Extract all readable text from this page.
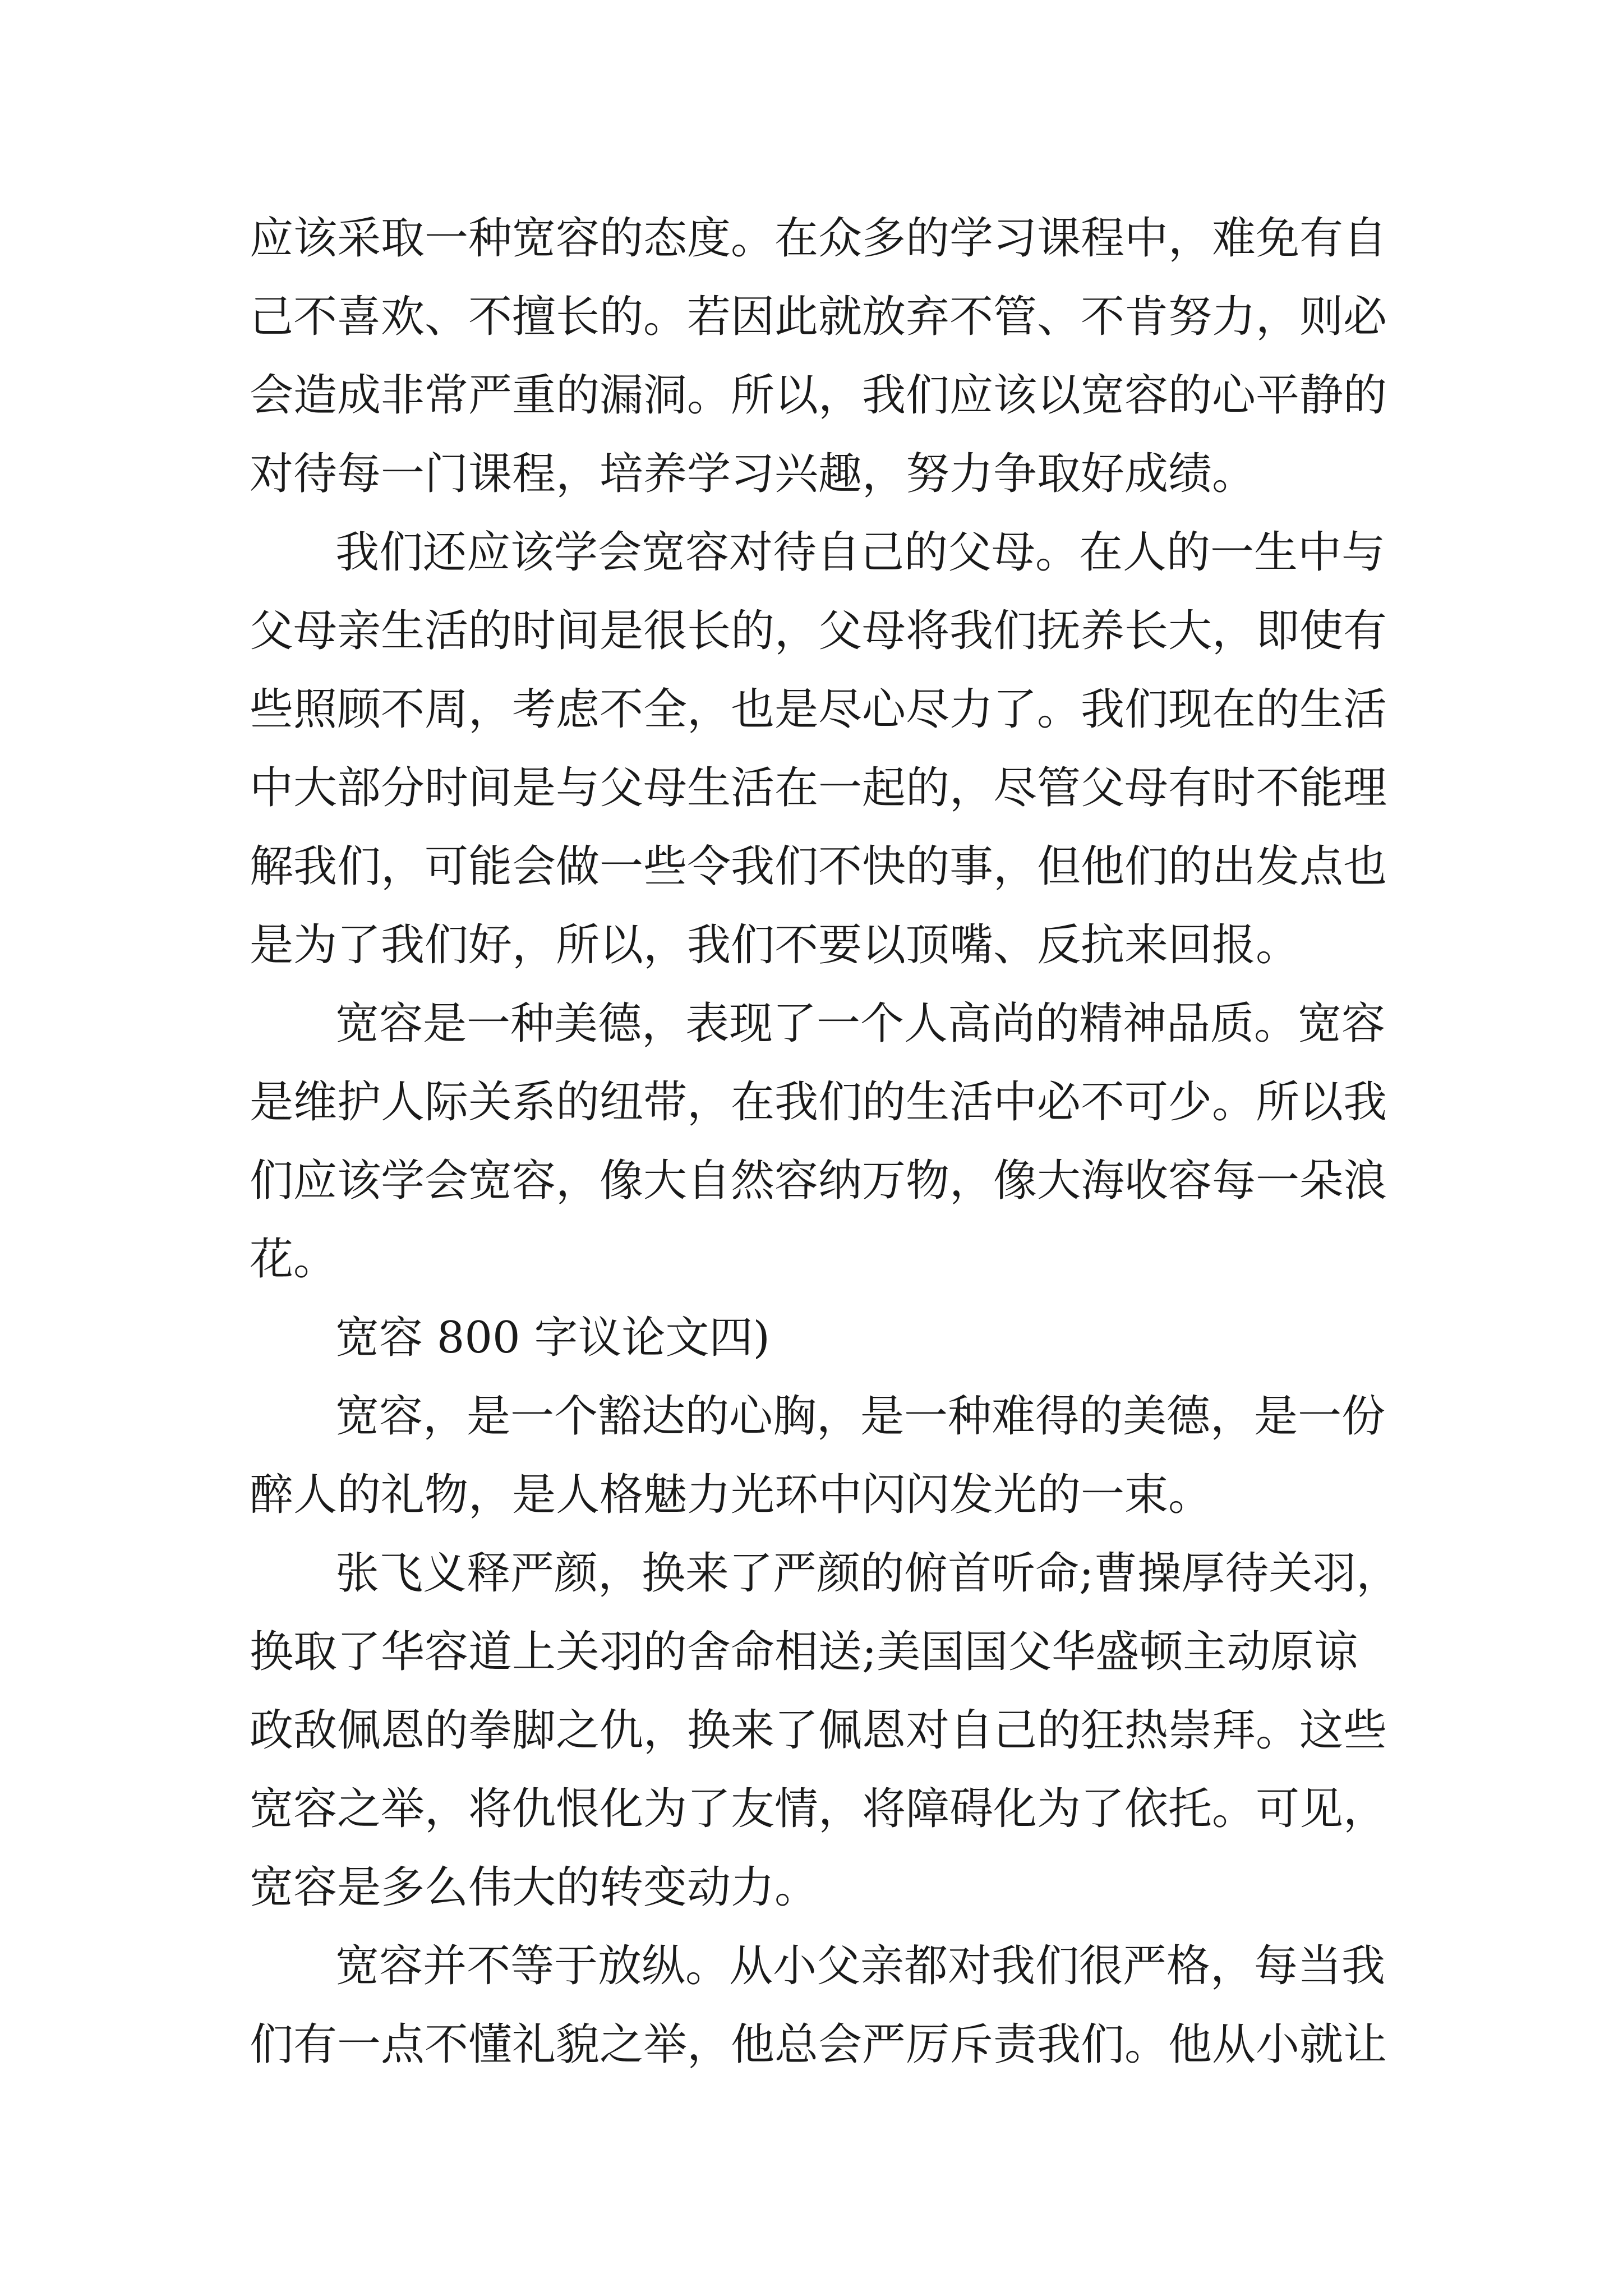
应该采取一种宽容的态度。在众多的学习课程中，难免有自

己不喜欢、不擅长的。若因此就放弃不管、不肯努力，则必

会造成非常严重的漏洞。所以，我们应该以宽容的心平静的

对待每一门课程，培养学习兴趣，努力争取好成绩。

我们还应该学会宽容对待自己的父母。在人的一生中与

父母亲生活的时间是很长的，父母将我们抚养长大，即使有

些照顾不周，考虑不全，也是尽心尽力了。我们现在的生活

中大部分时间是与父母生活在一起的，尽管父母有时不能理

解我们，可能会做一些令我们不快的事，但他们的出发点也

是为了我们好，所以，我们不要以顶嘴、反抗来回报。

宽容是一种美德，表现了一个人高尚的精神品质。宽容

是维护人际关系的纽带，在我们的生活中必不可少。所以我

们应该学会宽容，像大自然容纳万物，像大海收容每一朵浪

花。

宽容 800 字议论文四)

宽容，是一个豁达的心胸，是一种难得的美德，是一份

醉人的礼物，是人格魅力光环中闪闪发光的一束。

张飞义释严颜，换来了严颜的俯首听命;曹操厚待关羽，

换取了华容道上关羽的舍命相送;美国国父华盛顿主动原谅

政敌佩恩的拳脚之仇，换来了佩恩对自己的狂热崇拜。这些

宽容之举，将仇恨化为了友情，将障碍化为了依托。可见，

宽容是多么伟大的转变动力。

宽容并不等于放纵。从小父亲都对我们很严格，每当我

们有一点不懂礼貌之举，他总会严厉斥责我们。他从小就让
